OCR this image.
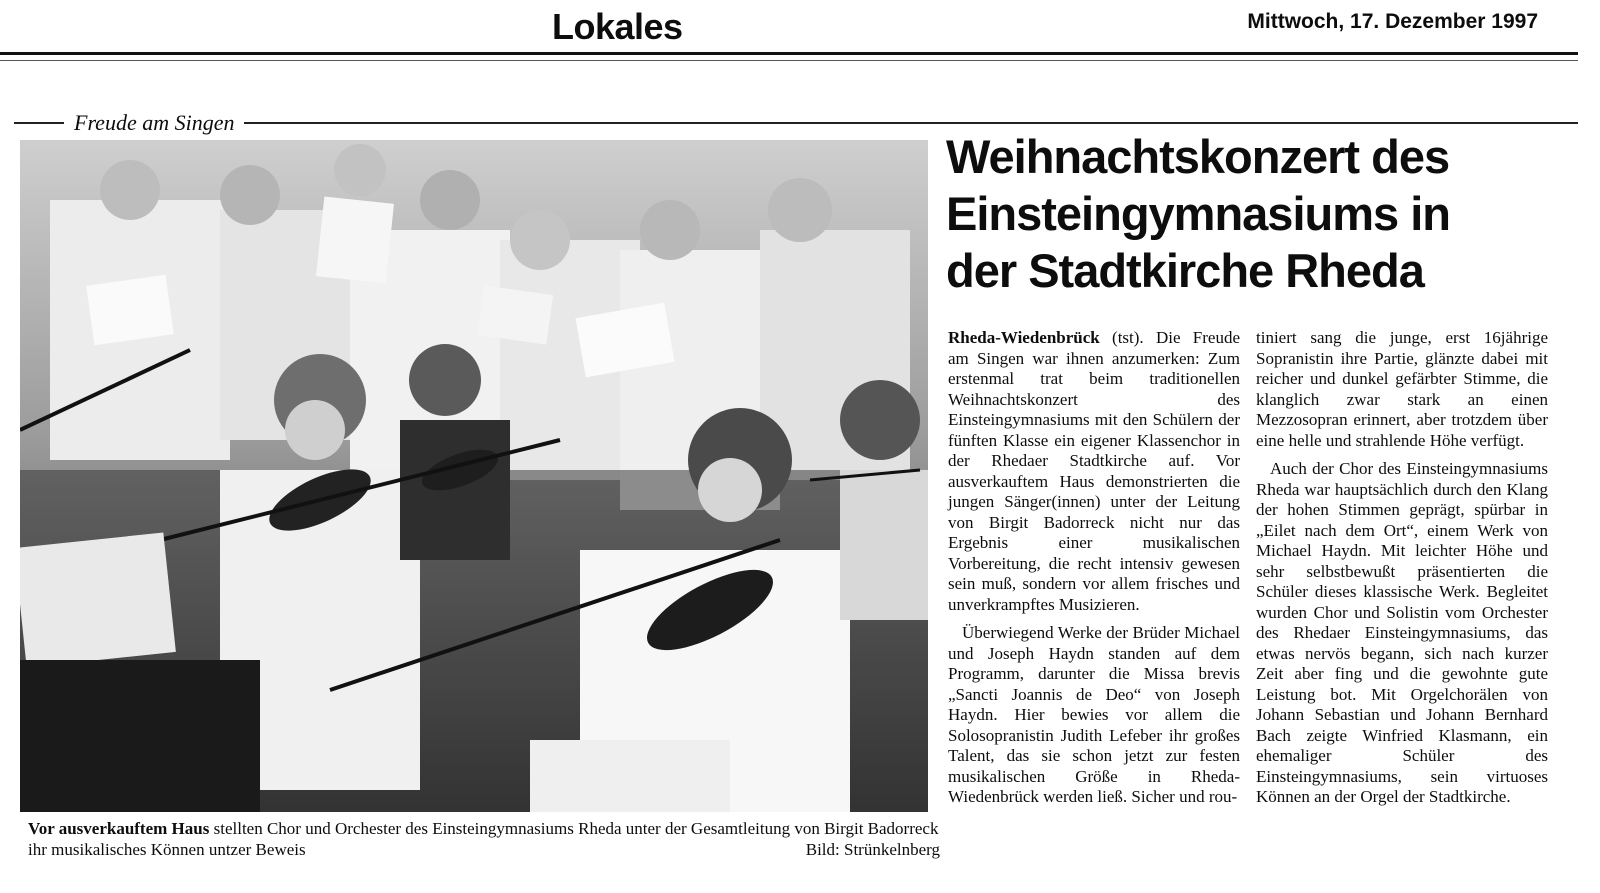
Lokales	Mittwoch, 17. Dezember 1997
Freude am Singen
Vor ausverkauftem Haus stellten Chor und Orchester des Einsteingymnasiums Rheda unter der Gesamtleitung von Birgit Badorreck ihr musikalisches Können untzer Beweis	Bild: Strünkelnberg
Weihnachtskonzert des
Einsteingymnasiums in
der Stadtkirche Rheda

Rheda-Wiedenbrück (tst). Die Freude am Singen war ihnen anzumerken: Zum erstenmal trat beim traditionellen Weihnachtskonzert des Einsteingymnasiums mit den Schülern der fünften Klasse ein eigener Klassenchor in der Rhedaer Stadtkirche auf. Vor ausverkauftem Haus demonstrierten die jungen Sänger(innen) unter der Leitung von Birgit Badorreck nicht nur das Ergebnis einer musikalischen Vorbereitung, die recht intensiv gewesen sein muß, sondern vor allem frisches und unverkrampftes Musizieren.

Überwiegend Werke der Brüder Michael und Joseph Haydn standen auf dem Programm, darunter die Missa brevis „Sancti Joannis de Deo“ von Joseph Haydn. Hier bewies vor allem die Solosopranistin Judith Lefeber ihr großes Talent, das sie schon jetzt zur festen musikalischen Größe in Rheda-Wiedenbrück werden ließ. Sicher und rou-

tiniert sang die junge, erst 16jährige Sopranistin ihre Partie, glänzte dabei mit reicher und dunkel gefärbter Stimme, die klanglich zwar stark an einen Mezzosopran erinnert, aber trotzdem über eine helle und strahlende Höhe verfügt.

Auch der Chor des Einsteingymnasiums Rheda war hauptsächlich durch den Klang der hohen Stimmen geprägt, spürbar in „Eilet nach dem Ort“, einem Werk von Michael Haydn. Mit leichter Höhe und sehr selbstbewußt präsentierten die Schüler dieses klassische Werk. Begleitet wurden Chor und Solistin vom Orchester des Rhedaer Einsteingymnasiums, das etwas nervös begann, sich nach kurzer Zeit aber fing und die gewohnte gute Leistung bot. Mit Orgelchorälen von Johann Sebastian und Johann Bernhard Bach zeigte Winfried Klasmann, ein ehemaliger Schüler des Einsteingymnasiums, sein virtuoses Können an der Orgel der Stadtkirche.
